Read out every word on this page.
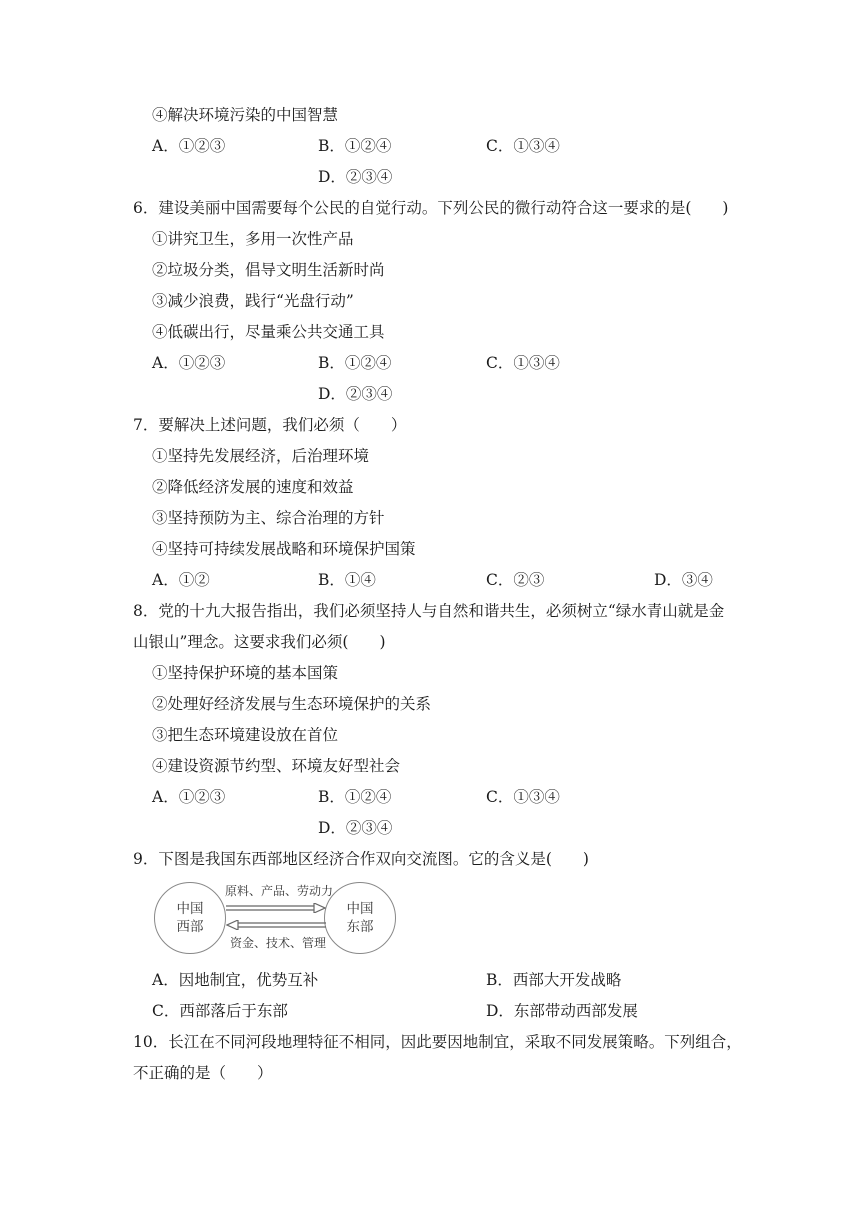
④解决环境污染的中国智慧
A．①②③	B．①②④	C．①③④
D．②③④
6．建设美丽中国需要每个公民的自觉行动。下列公民的微行动符合这一要求的是(　　)
①讲究卫生，多用一次性产品
②垃圾分类，倡导文明生活新时尚
③减少浪费，践行“光盘行动”
④低碳出行，尽量乘公共交通工具
A．①②③	B．①②④	C．①③④
D．②③④
7．要解决上述问题，我们必须（　　）
①坚持先发展经济，后治理环境
②降低经济发展的速度和效益
③坚持预防为主、综合治理的方针
④坚持可持续发展战略和环境保护国策
A．①②	B．①④	C．②③	D．③④
8．党的十九大报告指出，我们必须坚持人与自然和谐共生，必须树立“绿水青山就是金
山银山”理念。这要求我们必须(　　)
①坚持保护环境的基本国策
②处理好经济发展与生态环境保护的关系
③把生态环境建设放在首位
④建设资源节约型、环境友好型社会
A．①②③	B．①②④	C．①③④
D．②③④
9．下图是我国东西部地区经济合作双向交流图。它的含义是(　　)
中国
西部
中国
东部
原料、产品、劳动力
资金、技术、管理
A．因地制宜，优势互补	B．西部大开发战略
C．西部落后于东部	D．东部带动西部发展
10．长江在不同河段地理特征不相同，因此要因地制宜，采取不同发展策略。下列组合，
不正确的是（　　）
